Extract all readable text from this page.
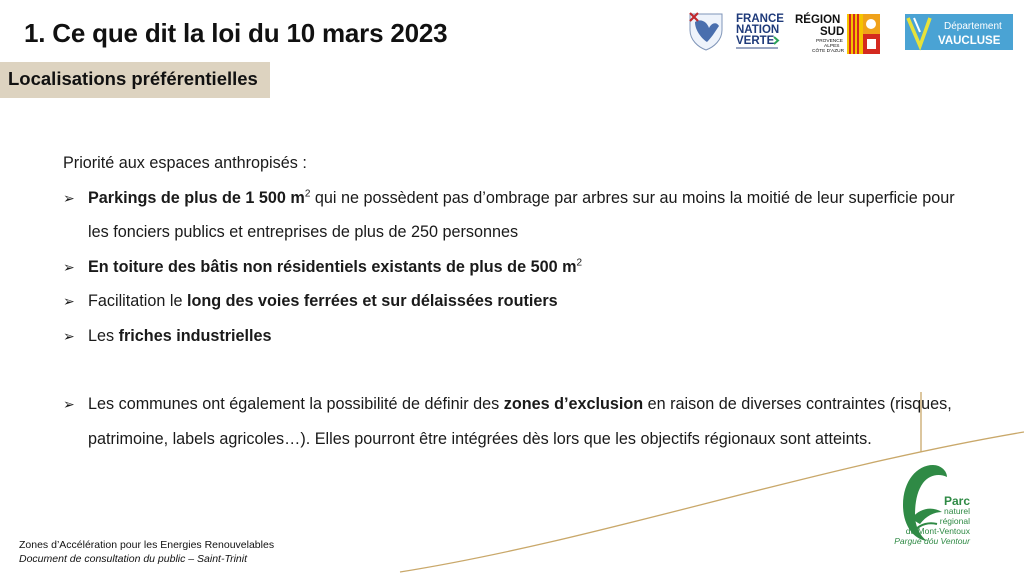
1. Ce que dit la loi du 10 mars 2023
Localisations préférentielles
FRANCE
NATION
VERTE
RÉGION
SUD
PROVENCE
ALPES
CÔTE D'AZUR
Département
VAUCLUSE
Parc
naturel
régional
du Mont-Ventoux
Pargue dóu Ventour

Priorité aux espaces anthropisés :

➢ Parkings de plus de 1 500 $m^2$ qui ne possèdent pas d’ombrage par arbres sur au moins la moitié de leur superficie pour les fonciers publics et entreprises de plus de 250 personnes
➢ En toiture des bâtis non résidentiels existants de plus de 500 $m^2$
➢ Facilitation le long des voies ferrées et sur délaissées routiers
➢ Les friches industrielles
➢ Les communes ont également la possibilité de définir des zones d’exclusion en raison de diverses contraintes (risques, patrimoine, labels agricoles…). Elles pourront être intégrées dès lors que les objectifs régionaux sont atteints.
Zones d’Accélération pour les Energies Renouvelables
Document de consultation du public – Saint-Trinit
